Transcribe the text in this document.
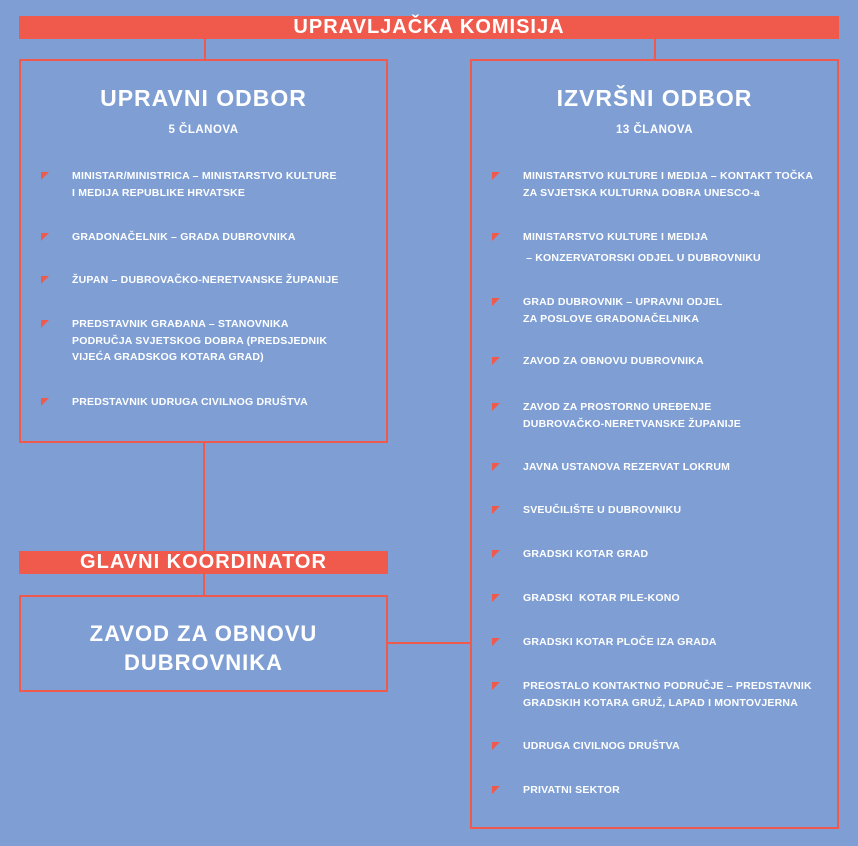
UPRAVLJAČKA KOMISIJA
UPRAVNI ODBOR
5 ČLANOVA
MINISTAR/MINISTRICA – MINISTARSTVO KULTURE
I MEDIJA REPUBLIKE HRVATSKE
GRADONAČELNIK – GRADA DUBROVNIKA
ŽUPAN – DUBROVAČKO-NERETVANSKE ŽUPANIJE
PREDSTAVNIK GRAĐANA – STANOVNIKA
PODRUČJA SVJETSKOG DOBRA (PREDSJEDNIK
VIJEĆA GRADSKOG KOTARA GRAD)
PREDSTAVNIK UDRUGA CIVILNOG DRUŠTVA
IZVRŠNI ODBOR
13 ČLANOVA
MINISTARSTVO KULTURE I MEDIJA – KONTAKT TOČKA
ZA SVJETSKA KULTURNA DOBRA UNESCO-a
MINISTARSTVO KULTURE I MEDIJA
– KONZERVATORSKI ODJEL U DUBROVNIKU
GRAD DUBROVNIK – UPRAVNI ODJEL
ZA POSLOVE GRADONAČELNIKA
ZAVOD ZA OBNOVU DUBROVNIKA
ZAVOD ZA PROSTORNO UREĐENJE
DUBROVAČKO-NERETVANSKE ŽUPANIJE
JAVNA USTANOVA REZERVAT LOKRUM
SVEUČILIŠTE U DUBROVNIKU
GRADSKI KOTAR GRAD
GRADSKI  KOTAR PILE-KONO
GRADSKI KOTAR PLOČE IZA GRADA
PREOSTALO KONTAKTNO PODRUČJE – PREDSTAVNIK
GRADSKIH KOTARA GRUŽ, LAPAD I MONTOVJERNA
UDRUGA CIVILNOG DRUŠTVA
PRIVATNI SEKTOR
GLAVNI KOORDINATOR
ZAVOD ZA OBNOVU
DUBROVNIKA
